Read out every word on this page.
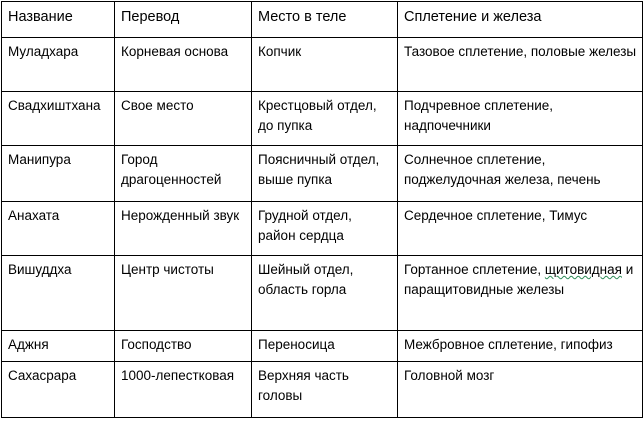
Название	Перевод	Место в теле	Сплетение и железа
Муладхара	Корневая основа	Копчик	Тазовое сплетение, половые железы
Свадхиштхана	Свое место	Крестцовый отдел, до пупка	Подчревное сплетение, надпочечники
Манипура	Город драгоценностей	Поясничный отдел, выше пупка	Солнечное сплетение, поджелудочная железа, печень
Анахата	Нерожденный звук	Грудной отдел, район сердца	Сердечное сплетение, Тимус
Вишуддха	Центр чистоты	Шейный отдел, область горла	Гортанное сплетение, щитовидная и паращитовидные железы
Аджня	Господство	Переносица	Межбровное сплетение, гипофиз
Сахасрара	1000-лепестковая	Верхняя часть головы	Головной мозг
